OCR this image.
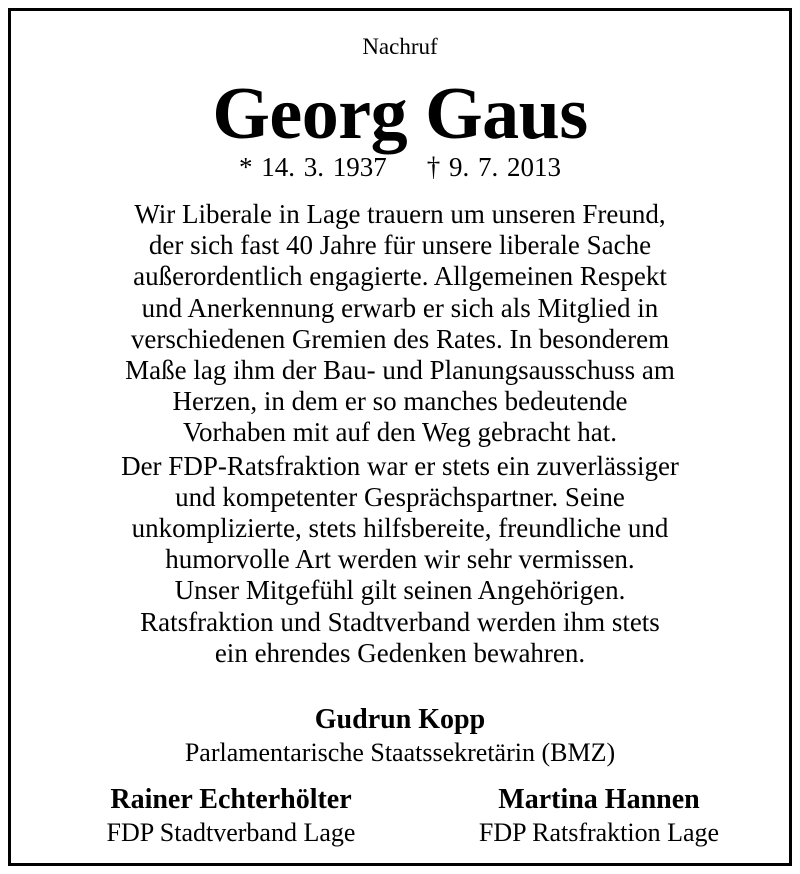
Nachruf
Georg Gaus
* 14. 3. 1937 † 9. 7. 2013
Wir Liberale in Lage trauern um unseren Freund,
der sich fast 40 Jahre für unsere liberale Sache
außerordentlich engagierte. Allgemeinen Respekt
und Anerkennung erwarb er sich als Mitglied in
verschiedenen Gremien des Rates. In besonderem
Maße lag ihm der Bau- und Planungsausschuss am
Herzen, in dem er so manches bedeutende
Vorhaben mit auf den Weg gebracht hat.
Der FDP-Ratsfraktion war er stets ein zuverlässiger
und kompetenter Gesprächspartner. Seine
unkomplizierte, stets hilfsbereite, freundliche und
humorvolle Art werden wir sehr vermissen.
Unser Mitgefühl gilt seinen Angehörigen.
Ratsfraktion und Stadtverband werden ihm stets
ein ehrendes Gedenken bewahren.
Gudrun Kopp
Parlamentarische Staatssekretärin (BMZ)
Rainer Echterhölter
FDP Stadtverband Lage
Martina Hannen
FDP Ratsfraktion Lage
